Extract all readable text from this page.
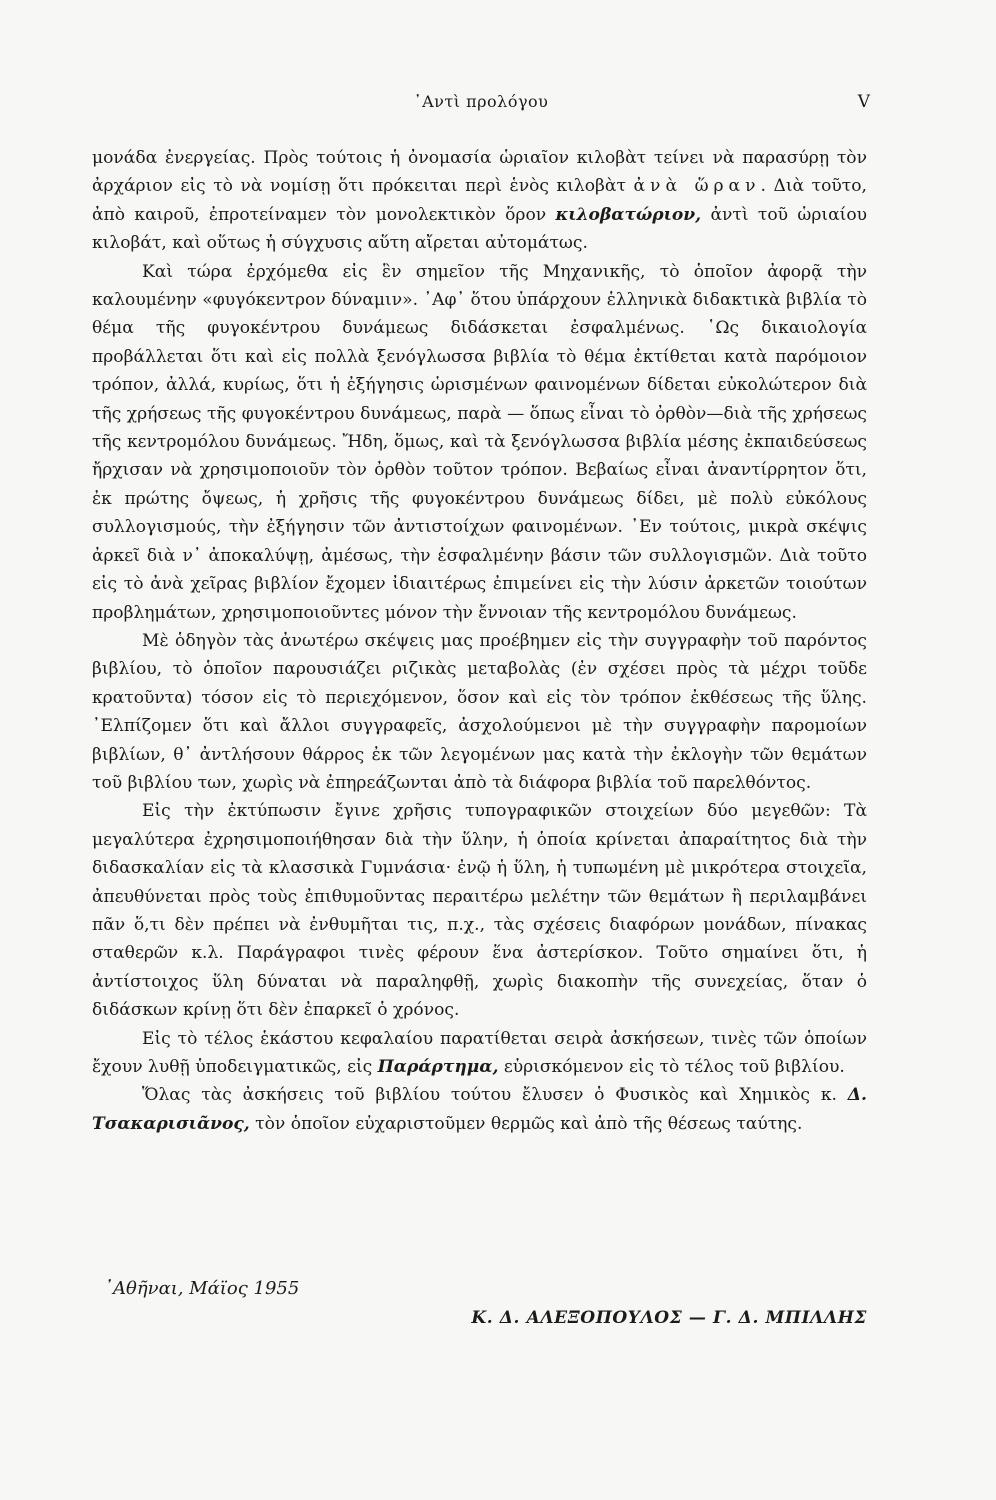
᾿Αντὶ προλόγου	V

μονάδα ἐνεργείας. Πρὸς τούτοις ἡ ὀνομασία ὡριαῖον κιλοβὰτ τείνει νὰ παρασύρῃ τὸν ἀρχάριον εἰς τὸ νὰ νομίσῃ ὅτι πρόκειται περὶ ἑνὸς κιλοβὰτ ἀνὰ ὥραν. Διὰ τοῦτο, ἀπὸ καιροῦ, ἐπροτείναμεν τὸν μονολεκτικὸν ὅρον κιλοβατώριον, ἀντὶ τοῦ ὡριαίου κιλοβάτ, καὶ οὕτως ἡ σύγχυσις αὕτη αἴρεται αὐτομάτως.

Καὶ τώρα ἐρχόμεθα εἰς ἓν σημεῖον τῆς Μηχανικῆς, τὸ ὁποῖον ἀφορᾷ τὴν καλουμένην «φυγόκεντρον δύναμιν». ᾿Αφ᾿ ὅτου ὑπάρχουν ἑλληνικὰ διδακτικὰ βιβλία τὸ θέμα τῆς φυγοκέντρου δυνάμεως διδάσκεται ἐσφαλμένως. ῾Ως δικαιολογία προβάλλεται ὅτι καὶ εἰς πολλὰ ξενόγλωσσα βιβλία τὸ θέμα ἐκτίθεται κατὰ παρόμοιον τρόπον, ἀλλά, κυρίως, ὅτι ἡ ἐξήγησις ὡρισμένων φαινομένων δίδεται εὐκολώτερον διὰ τῆς χρήσεως τῆς φυγοκέντρου δυνάμεως, παρὰ — ὅπως εἶναι τὸ ὀρθὸν—διὰ τῆς χρήσεως τῆς κεντρομόλου δυνάμεως. Ἤδη, ὅμως, καὶ τὰ ξενόγλωσσα βιβλία μέσης ἐκπαιδεύσεως ἤρχισαν νὰ χρησιμοποιοῦν τὸν ὀρθὸν τοῦτον τρόπον. Βεβαίως εἶναι ἀναντίρρητον ὅτι, ἐκ πρώτης ὄψεως, ἡ χρῆσις τῆς φυγοκέντρου δυνάμεως δίδει, μὲ πολὺ εὐκόλους συλλογισμούς, τὴν ἐξήγησιν τῶν ἀντιστοίχων φαινομένων. ᾿Εν τούτοις, μικρὰ σκέψις ἀρκεῖ διὰ ν᾿ ἀποκαλύψῃ, ἀμέσως, τὴν ἐσφαλμένην βάσιν τῶν συλλογισμῶν. Διὰ τοῦτο εἰς τὸ ἀνὰ χεῖρας βιβλίον ἔχομεν ἰδιαιτέρως ἐπιμείνει εἰς τὴν λύσιν ἀρκετῶν τοιούτων προβλημάτων, χρησιμοποιοῦντες μόνον τὴν ἔννοιαν τῆς κεντρομόλου δυνάμεως.

Μὲ ὁδηγὸν τὰς ἀνωτέρω σκέψεις μας προέβημεν εἰς τὴν συγγραφὴν τοῦ παρόντος βιβλίου, τὸ ὁποῖον παρουσιάζει ριζικὰς μεταβολὰς (ἐν σχέσει πρὸς τὰ μέχρι τοῦδε κρατοῦντα) τόσον εἰς τὸ περιεχόμενον, ὅσον καὶ εἰς τὸν τρόπον ἐκθέσεως τῆς ὕλης. ᾿Ελπίζομεν ὅτι καὶ ἄλλοι συγγραφεῖς, ἀσχολούμενοι μὲ τὴν συγγραφὴν παρομοίων βιβλίων, θ᾿ ἀντλήσουν θάρρος ἐκ τῶν λεγομένων μας κατὰ τὴν ἐκλογὴν τῶν θεμάτων τοῦ βιβλίου των, χωρὶς νὰ ἐπηρεάζωνται ἀπὸ τὰ διάφορα βιβλία τοῦ παρελθόντος.

Εἰς τὴν ἐκτύπωσιν ἔγινε χρῆσις τυπογραφικῶν στοιχείων δύο μεγεθῶν: Τὰ μεγαλύτερα ἐχρησιμοποιήθησαν διὰ τὴν ὕλην, ἡ ὁποία κρίνεται ἀπαραίτητος διὰ τὴν διδασκαλίαν εἰς τὰ κλασσικὰ Γυμνάσια· ἐνῷ ἡ ὕλη, ἡ τυπωμένη μὲ μικρότερα στοιχεῖα, ἀπευθύνεται πρὸς τοὺς ἐπιθυμοῦντας περαιτέρω μελέτην τῶν θεμάτων ἢ περιλαμβάνει πᾶν ὅ,τι δὲν πρέπει νὰ ἐνθυμῆται τις, π.χ., τὰς σχέσεις διαφόρων μονάδων, πίνακας σταθερῶν κ.λ. Παράγραφοι τινὲς φέρουν ἕνα ἀστερίσκον. Τοῦτο σημαίνει ὅτι, ἡ ἀντίστοιχος ὕλη δύναται νὰ παραληφθῇ, χωρὶς διακοπὴν τῆς συνεχείας, ὅταν ὁ διδάσκων κρίνῃ ὅτι δὲν ἐπαρκεῖ ὁ χρόνος.

Εἰς τὸ τέλος ἑκάστου κεφαλαίου παρατίθεται σειρὰ ἀσκήσεων, τινὲς τῶν ὁποίων ἔχουν λυθῇ ὑποδειγματικῶς, εἰς Παράρτημα, εὑρισκόμενον εἰς τὸ τέλος τοῦ βιβλίου.

Ὅλας τὰς ἀσκήσεις τοῦ βιβλίου τούτου ἔλυσεν ὁ Φυσικὸς καὶ Χημικὸς κ. Δ. Τσακαρισιᾶνος, τὸν ὁποῖον εὐχαριστοῦμεν θερμῶς καὶ ἀπὸ τῆς θέσεως ταύτης.

᾿Αθῆναι, Μάϊος 1955
Κ. Δ. ΑΛΕΞΟΠΟΥΛΟΣ — Γ. Δ. ΜΠΙΛΛΗΣ
